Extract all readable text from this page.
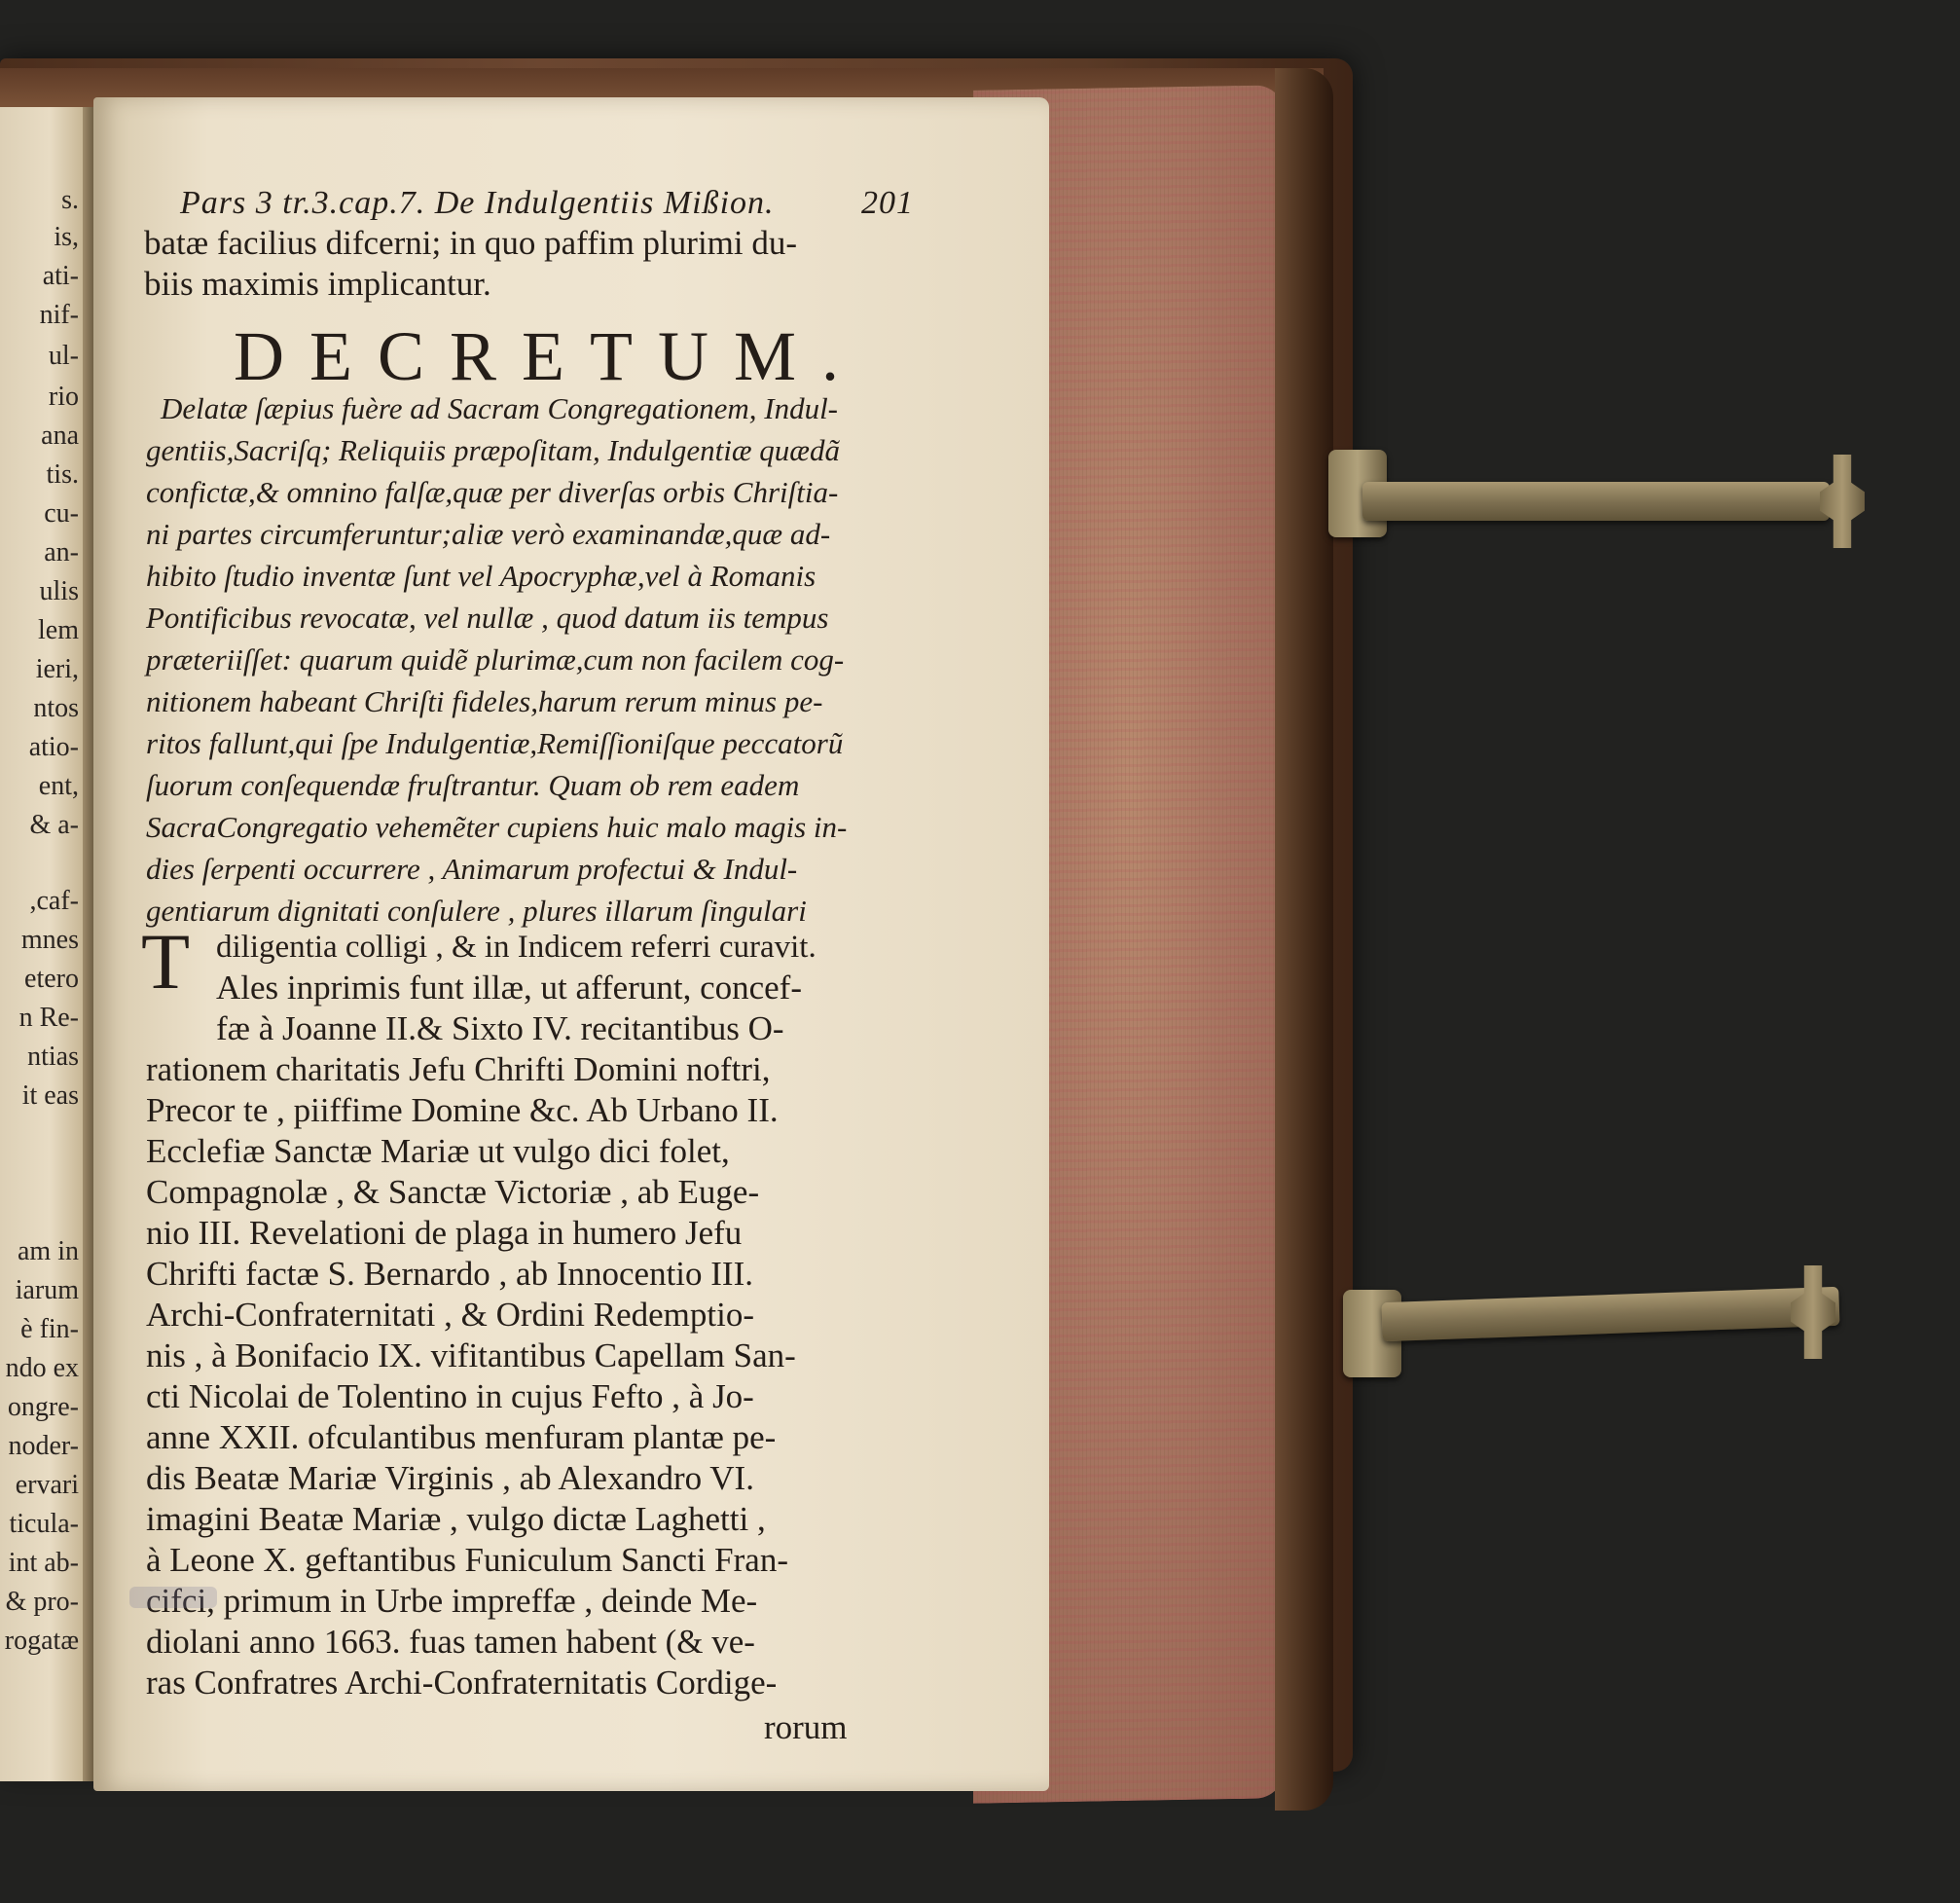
s.
is,
ati-
nif-
ul-
rio
ana
tis.
cu-
an-
ulis
lem
ieri,
ntos
atio-
ent,
& a-
,caf-
mnes
etero
n Re-
ntias
it eas
am in
iarum
è fin-
ndo ex
ongre-
noder-
ervari
ticula-
int ab-
& pro-
rogatæ
Pars 3 tr.3.cap.7. De Indulgentiis Mißion.	201
batæ facilius difcerni; in quo paffim plurimi du-
biis maximis implicantur.
DECRETUM.
Delatæ ſæpius fuère ad Sacram Congregationem, Indul-
gentiis,Sacriſq; Reliquiis præpoſitam, Indulgentiæ quædã
confictæ,& omnino falſæ,quæ per diverſas orbis Chriſtia-
ni partes circumferuntur;aliæ verò examinandæ,quæ ad-
hibito ſtudio inventæ ſunt vel Apocryphæ,vel à Romanis
Pontificibus revocatæ, vel nullæ , quod datum iis tempus
præteriiſſet: quarum quidẽ plurimæ,cum non facilem cog-
nitionem habeant Chriſti fideles,harum rerum minus pe-
ritos fallunt,qui ſpe Indulgentiæ,Remiſſioniſque peccatorũ
ſuorum conſequendæ fruſtrantur. Quam ob rem eadem
SacraCongregatio vehemẽter cupiens huic malo magis in-
dies ſerpenti occurrere , Animarum profectui & Indul-
gentiarum dignitati conſulere , plures illarum ſingulari
T diligentia colligi , & in Indicem referri curavit.
Ales inprimis funt illæ, ut afferunt, concef-
fæ à Joanne II.& Sixto IV. recitantibus O-
rationem charitatis Jefu Chrifti Domini noftri,
Precor te , piiffime Domine &c. Ab Urbano II.
Ecclefiæ Sanctæ Mariæ ut vulgo dici folet,
Compagnolæ , & Sanctæ Victoriæ , ab Euge-
nio III. Revelationi de plaga in humero Jefu
Chrifti factæ S. Bernardo , ab Innocentio III.
Archi-Confraternitati , & Ordini Redemptio-
nis , à Bonifacio IX. vifitantibus Capellam San-
cti Nicolai de Tolentino in cujus Fefto , à Jo-
anne XXII. ofculantibus menfuram plantæ pe-
dis Beatæ Mariæ Virginis , ab Alexandro VI.
imagini Beatæ Mariæ , vulgo dictæ Laghetti ,
à Leone X. geftantibus Funiculum Sancti Fran-
cifci, primum in Urbe impreffæ , deinde Me-
diolani anno 1663. fuas tamen habent (& ve-
ras Confratres Archi-Confraternitatis Cordige-
rorum
